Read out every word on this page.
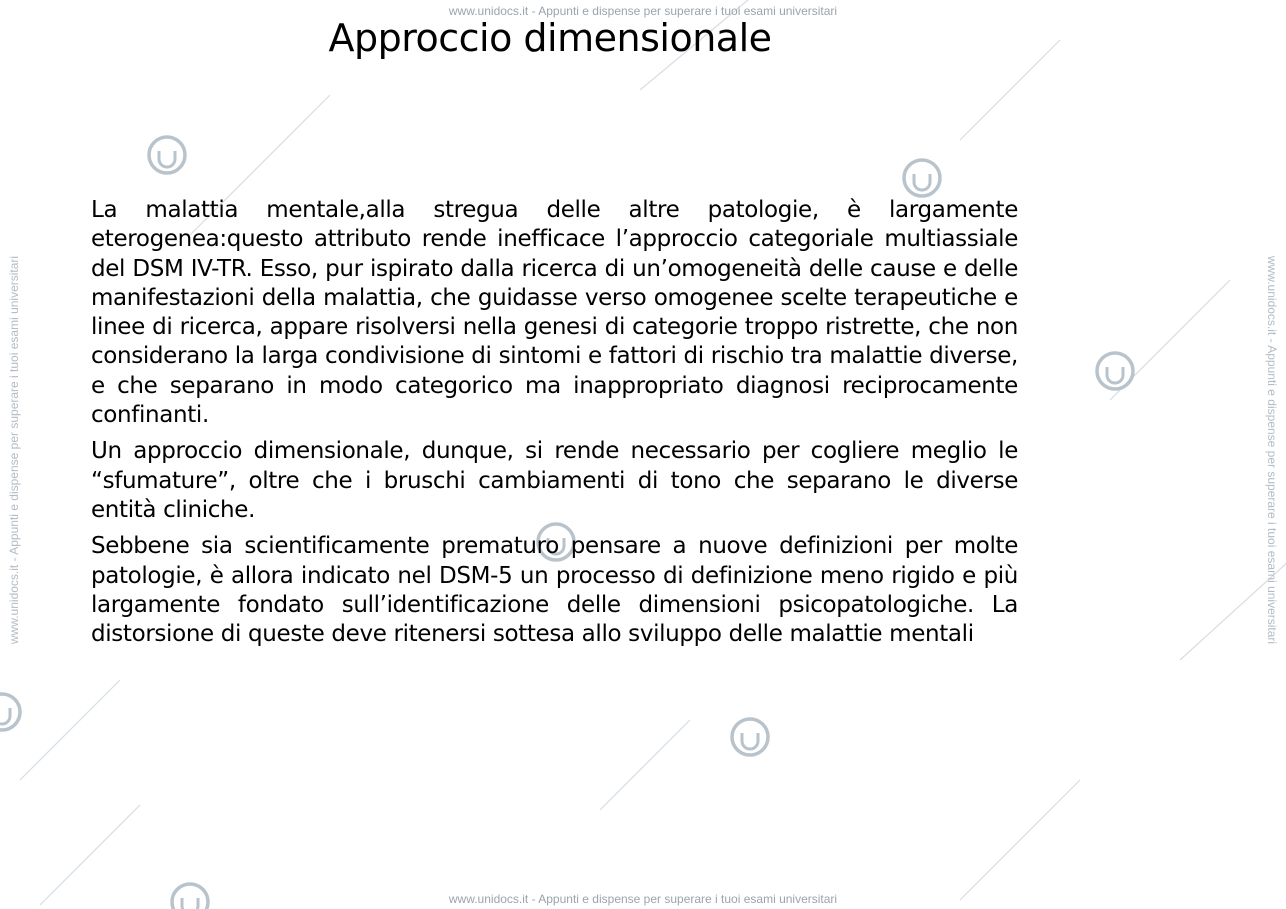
www.unidocs.it - Appunti e dispense per superare i tuoi esami universitari
www.unidocs.it - Appunti e dispense per superare i tuoi esami universitari
www.unidocs.it - Appunti e dispense per superare i tuoi esami universitari	www.unidocs.it - Appunti e dispense per superare i tuoi esami universitari
Approccio dimensionale

La malattia mentale,alla stregua delle altre patologie, è largamente eterogenea:questo attributo rende inefficace l’approccio categoriale multiassiale del DSM IV-TR. Esso, pur ispirato dalla ricerca di un’omogeneità delle cause e delle manifestazioni della malattia, che guidasse verso omogenee scelte terapeutiche e linee di ricerca, appare risolversi nella genesi di categorie troppo ristrette, che non considerano la larga condivisione di sintomi e fattori di rischio tra malattie diverse, e che separano in modo categorico ma inappropriato diagnosi reciprocamente confinanti.

Un approccio dimensionale, dunque, si rende necessario per cogliere meglio le “sfumature”, oltre che i bruschi cambiamenti di tono che separano le diverse entità cliniche.

Sebbene sia scientificamente prematuro pensare a nuove definizioni per molte patologie, è allora indicato nel DSM-5 un processo di definizione meno rigido e più largamente fondato sull’identificazione delle dimensioni psicopatologiche. La distorsione di queste deve ritenersi sottesa allo sviluppo delle malattie mentali
